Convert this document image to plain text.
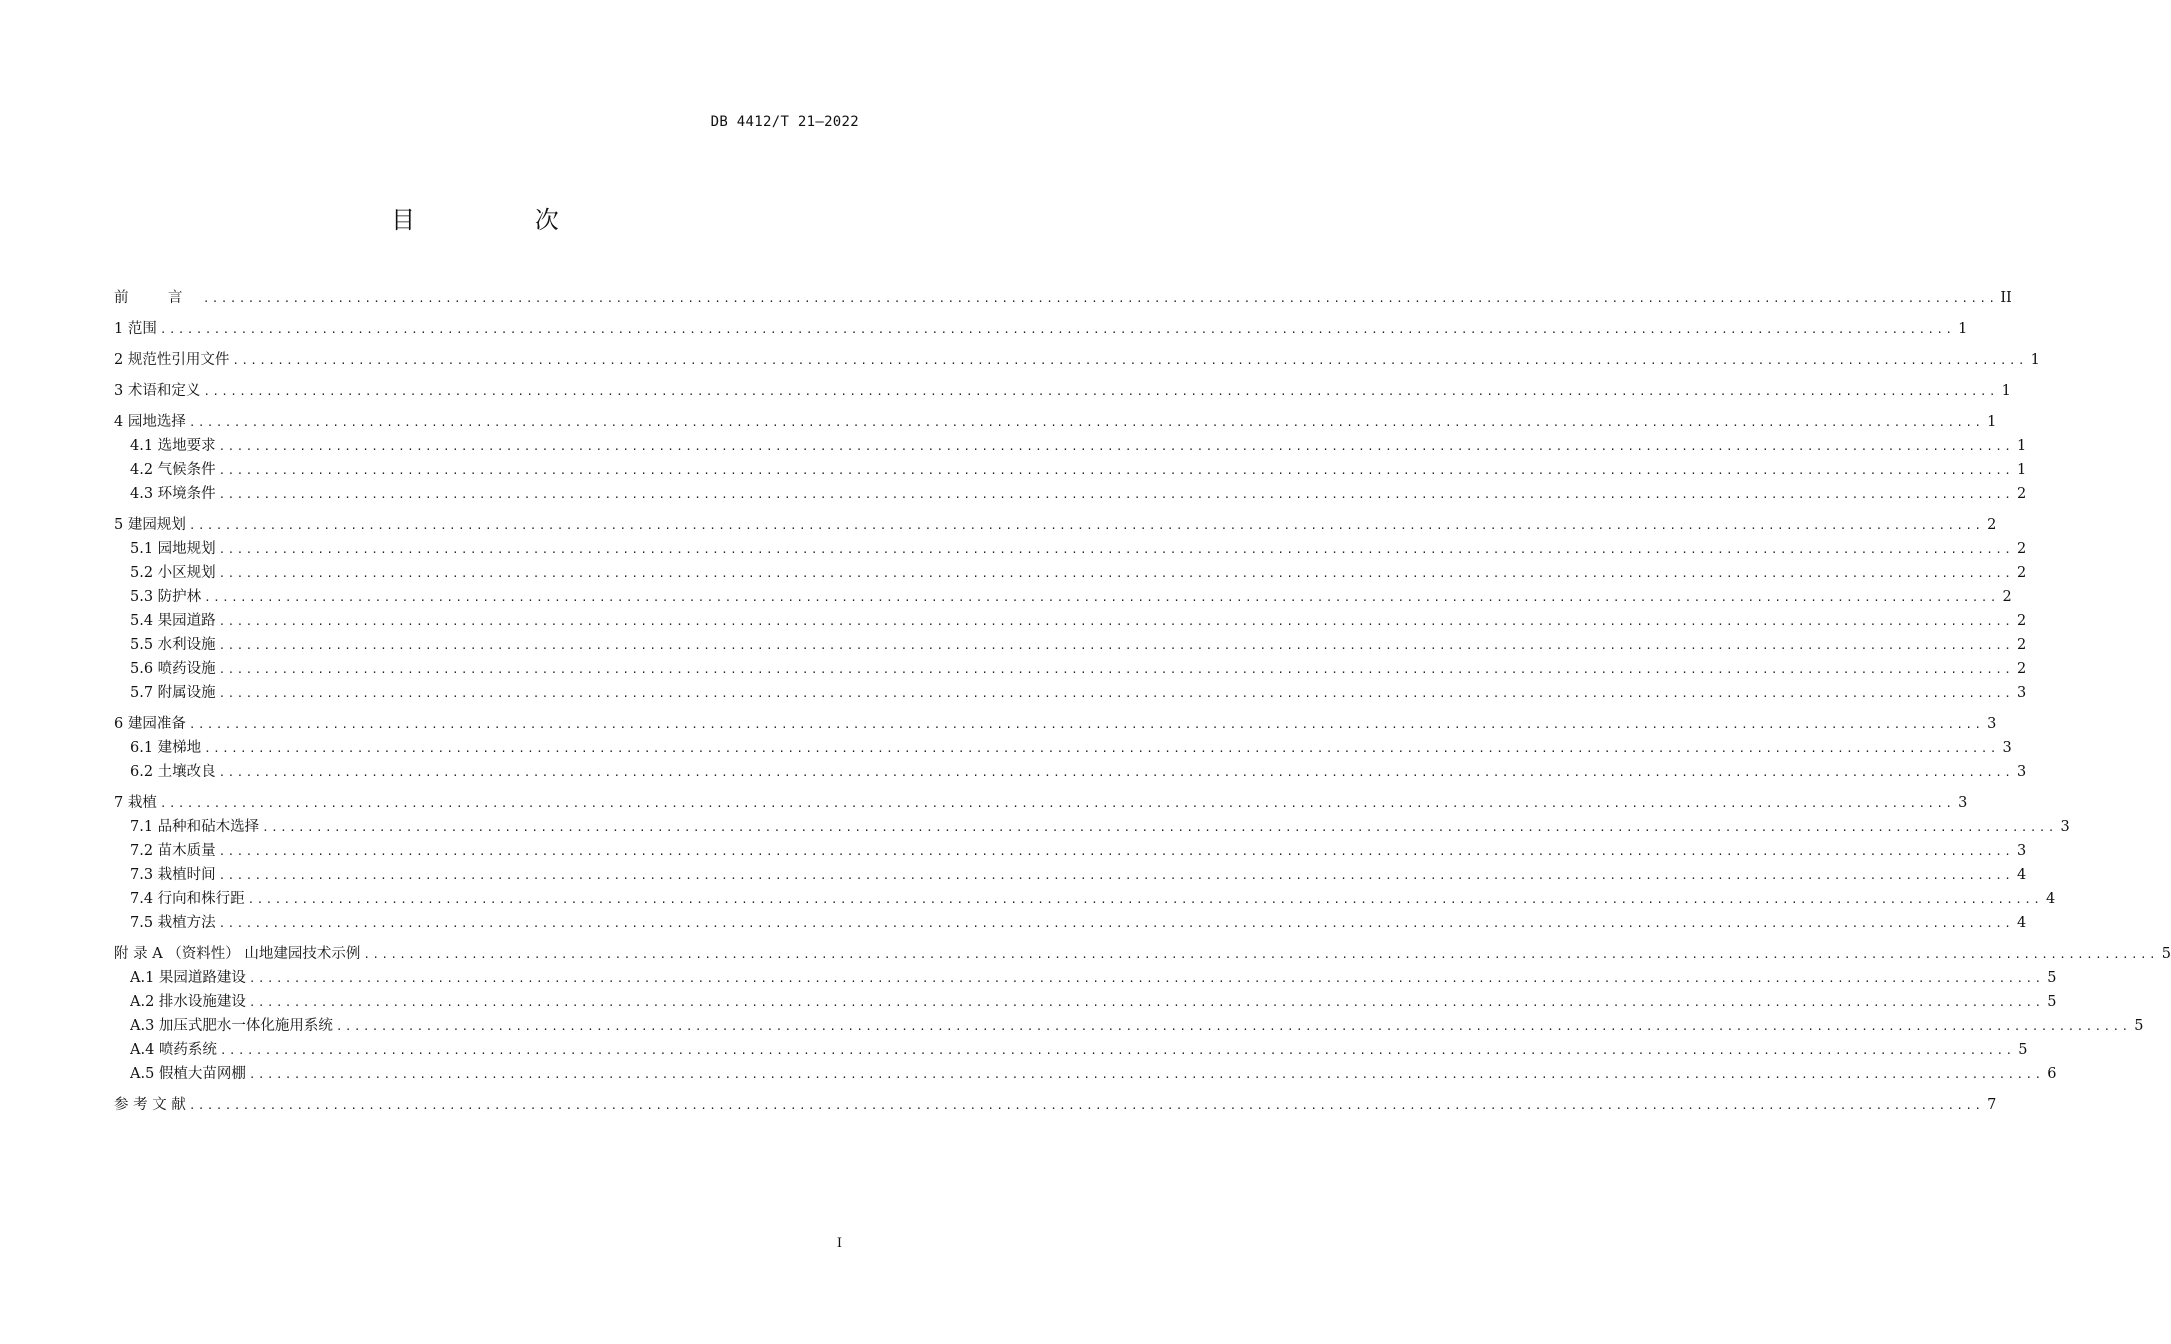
DB 4412/T 21—2022
目 次
前 言 ........................................................................................................................................................................................................ II
1 范围 ........................................................................................................................................................................................................ 1
2 规范性引用文件 ........................................................................................................................................................................................................ 1
3 术语和定义 ........................................................................................................................................................................................................ 1
4 园地选择 ........................................................................................................................................................................................................ 1
4.1 选地要求 ........................................................................................................................................................................................................ 1
4.2 气候条件 ........................................................................................................................................................................................................ 1
4.3 环境条件 ........................................................................................................................................................................................................ 2
5 建园规划 ........................................................................................................................................................................................................ 2
5.1 园地规划 ........................................................................................................................................................................................................ 2
5.2 小区规划 ........................................................................................................................................................................................................ 2
5.3 防护林 ........................................................................................................................................................................................................ 2
5.4 果园道路 ........................................................................................................................................................................................................ 2
5.5 水利设施 ........................................................................................................................................................................................................ 2
5.6 喷药设施 ........................................................................................................................................................................................................ 2
5.7 附属设施 ........................................................................................................................................................................................................ 3
6 建园准备 ........................................................................................................................................................................................................ 3
6.1 建梯地 ........................................................................................................................................................................................................ 3
6.2 土壤改良 ........................................................................................................................................................................................................ 3
7 栽植 ........................................................................................................................................................................................................ 3
7.1 品种和砧木选择 ........................................................................................................................................................................................................ 3
7.2 苗木质量 ........................................................................................................................................................................................................ 3
7.3 栽植时间 ........................................................................................................................................................................................................ 4
7.4 行向和株行距 ........................................................................................................................................................................................................ 4
7.5 栽植方法 ........................................................................................................................................................................................................ 4
附 录 A （资料性） 山地建园技术示例 ........................................................................................................................................................................................................ 5
A.1 果园道路建设 ........................................................................................................................................................................................................ 5
A.2 排水设施建设 ........................................................................................................................................................................................................ 5
A.3 加压式肥水一体化施用系统 ........................................................................................................................................................................................................ 5
A.4 喷药系统 ........................................................................................................................................................................................................ 5
A.5 假植大苗网棚 ........................................................................................................................................................................................................ 6
参 考 文 献 ........................................................................................................................................................................................................ 7
I
